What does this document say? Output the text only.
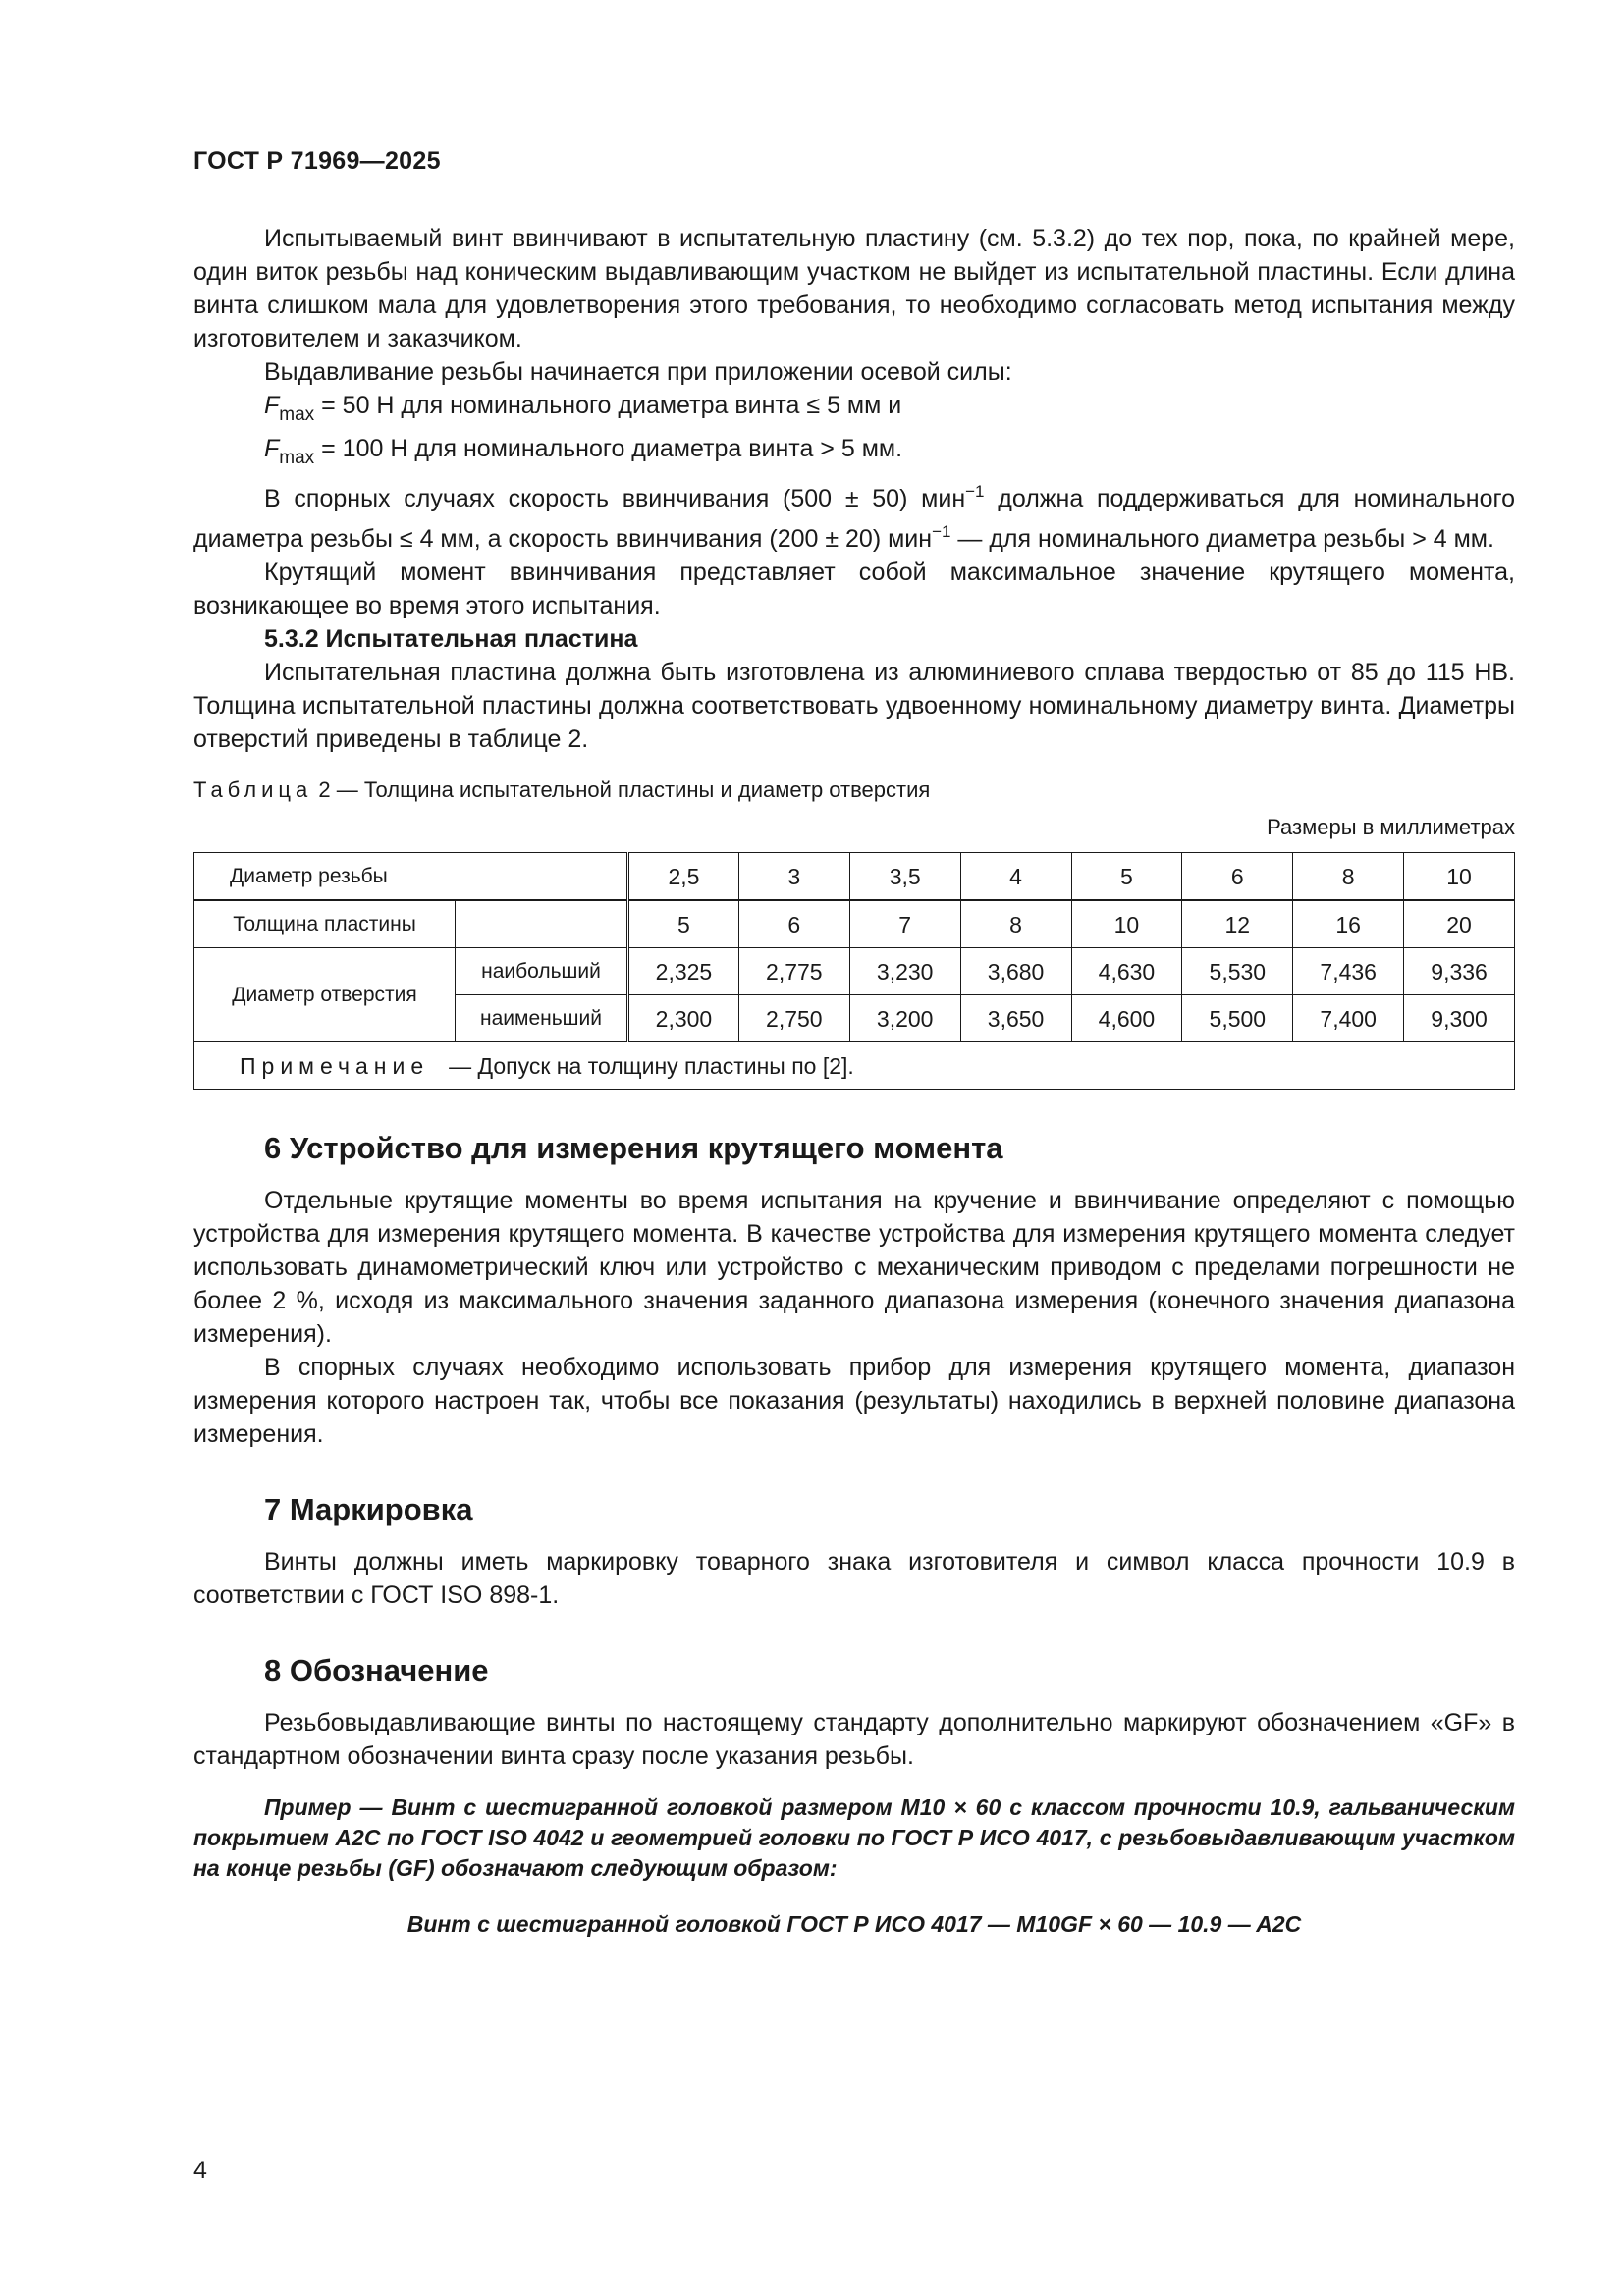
ГОСТ Р 71969—2025

Испытываемый винт ввинчивают в испытательную пластину (см. 5.3.2) до тех пор, пока, по крайней мере, один виток резьбы над коническим выдавливающим участком не выйдет из испытательной пластины. Если длина винта слишком мала для удовлетворения этого требования, то необходимо согласовать метод испытания между изготовителем и заказчиком.

Выдавливание резьбы начинается при приложении осевой силы:

$F_{max} = 50$ Н для номинального диаметра винта ≤ 5 мм и

$F_{max} = 100$ Н для номинального диаметра винта > 5 мм.

В спорных случаях скорость ввинчивания (500 ± 50) мин$^{-1}$ должна поддерживаться для номинального диаметра резьбы ≤ 4 мм, а скорость ввинчивания (200 ± 20) мин$^{-1}$ — для номинального диаметра резьбы > 4 мм.

Крутящий момент ввинчивания представляет собой максимальное значение крутящего момента, возникающее во время этого испытания.

5.3.2 Испытательная пластина

Испытательная пластина должна быть изготовлена из алюминиевого сплава твердостью от 85 до 115 HB. Толщина испытательной пластины должна соответствовать удвоенному номинальному диаметру винта. Диаметры отверстий приведены в таблице 2.

Таблица 2 — Толщина испытательной пластины и диаметр отверстия
Размеры в миллиметрах
Диаметр резьбы		2,5	3	3,5	4	5	6	8	10
Толщина пластины		5	6	7	8	10	12	16	20
Диаметр отверстия	наибольший	2,325	2,775	3,230	3,680	4,630	5,530	7,436	9,336
	наименьший	2,300	2,750	3,200	3,650	4,600	5,500	7,400	9,300
Примечание — Допуск на толщину пластины по [2].									
6 Устройство для измерения крутящего момента

Отдельные крутящие моменты во время испытания на кручение и ввинчивание определяют с помощью устройства для измерения крутящего момента. В качестве устройства для измерения крутящего момента следует использовать динамометрический ключ или устройство с механическим приводом с пределами погрешности не более 2 %, исходя из максимального значения заданного диапазона измерения (конечного значения диапазона измерения).

В спорных случаях необходимо использовать прибор для измерения крутящего момента, диапазон измерения которого настроен так, чтобы все показания (результаты) находились в верхней половине диапазона измерения.

7 Маркировка

Винты должны иметь маркировку товарного знака изготовителя и символ класса прочности 10.9 в соответствии с ГОСТ ISO 898-1.

8 Обозначение

Резьбовыдавливающие винты по настоящему стандарту дополнительно маркируют обозначением «GF» в стандартном обозначении винта сразу после указания резьбы.

Пример — Винт с шестигранной головкой размером M10 × 60 с классом прочности 10.9, гальваническим покрытием A2C по ГОСТ ISO 4042 и геометрией головки по ГОСТ Р ИСО 4017, с резьбовыдавливающим участком на конце резьбы (GF) обозначают следующим образом:

Винт с шестигранной головкой ГОСТ Р ИСО 4017 — M10GF × 60 — 10.9 — A2C
4
